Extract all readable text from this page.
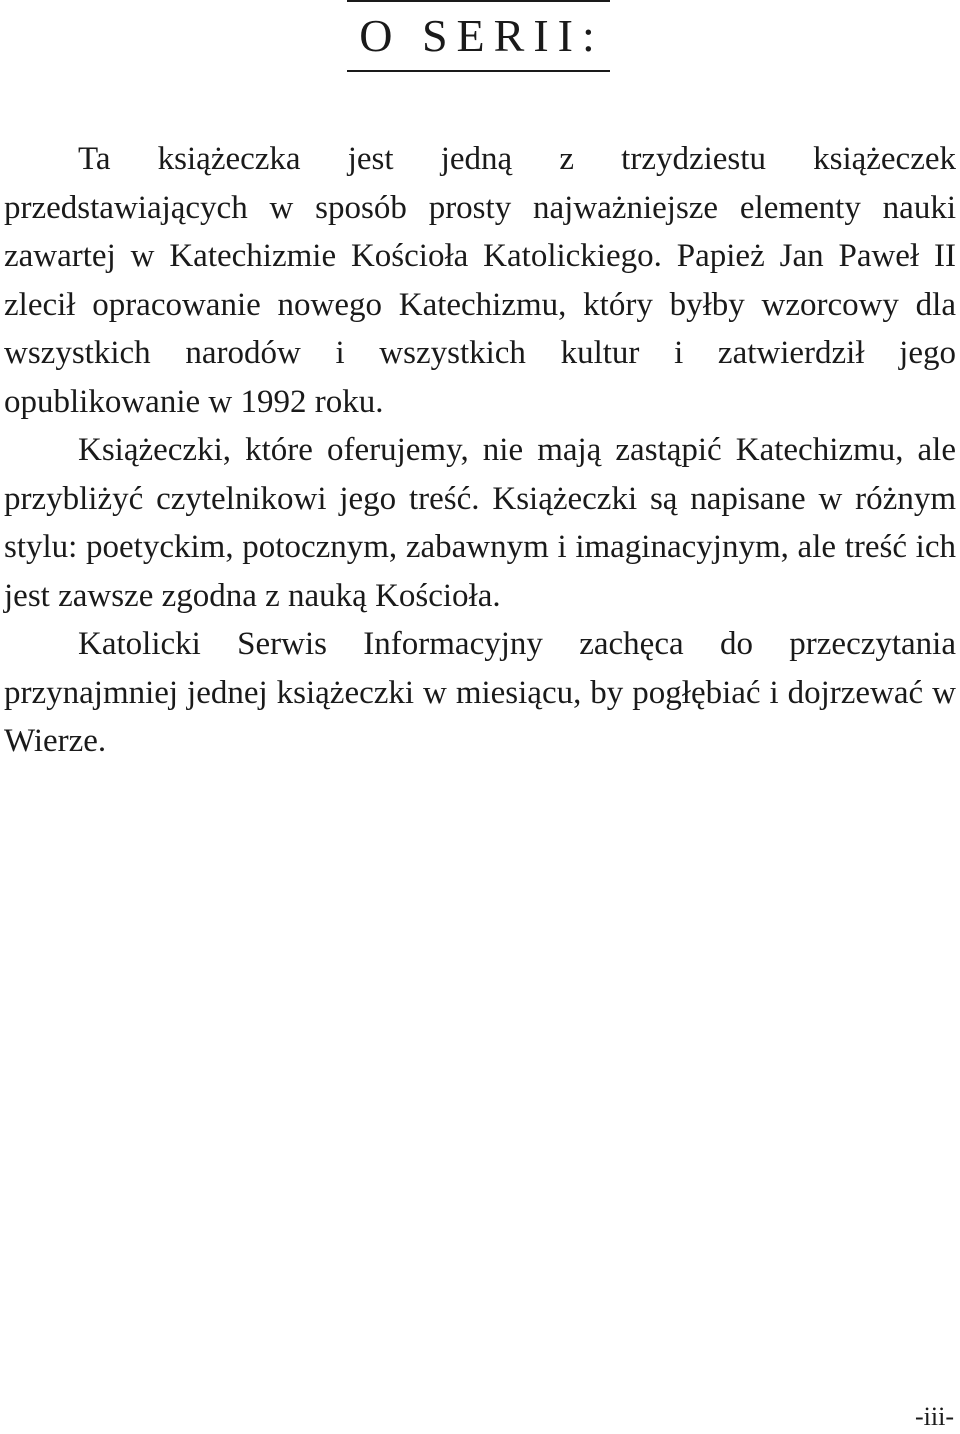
O SERII:

Ta książeczka jest jedną z trzydziestu książeczek przedstawiających w sposób prosty najważniejsze elementy nauki zawartej w Katechizmie Kościoła Katolickiego. Papież Jan Paweł II zlecił opracowanie nowego Katechizmu, który byłby wzorcowy dla wszystkich narodów i wszystkich kultur i zatwierdził jego opublikowanie w 1992 roku.

Książeczki, które oferujemy, nie mają zastąpić Katechizmu, ale przybliżyć czytelnikowi jego treść. Książeczki są napisane w różnym stylu: poetyckim, potocznym, zabawnym i imaginacyjnym, ale treść ich jest zawsze zgodna z nauką Kościoła.

Katolicki Serwis Informacyjny zachęca do przeczytania przynajmniej jednej książeczki w miesiącu, by pogłębiać i dojrzewać w Wierze.

-iii-
